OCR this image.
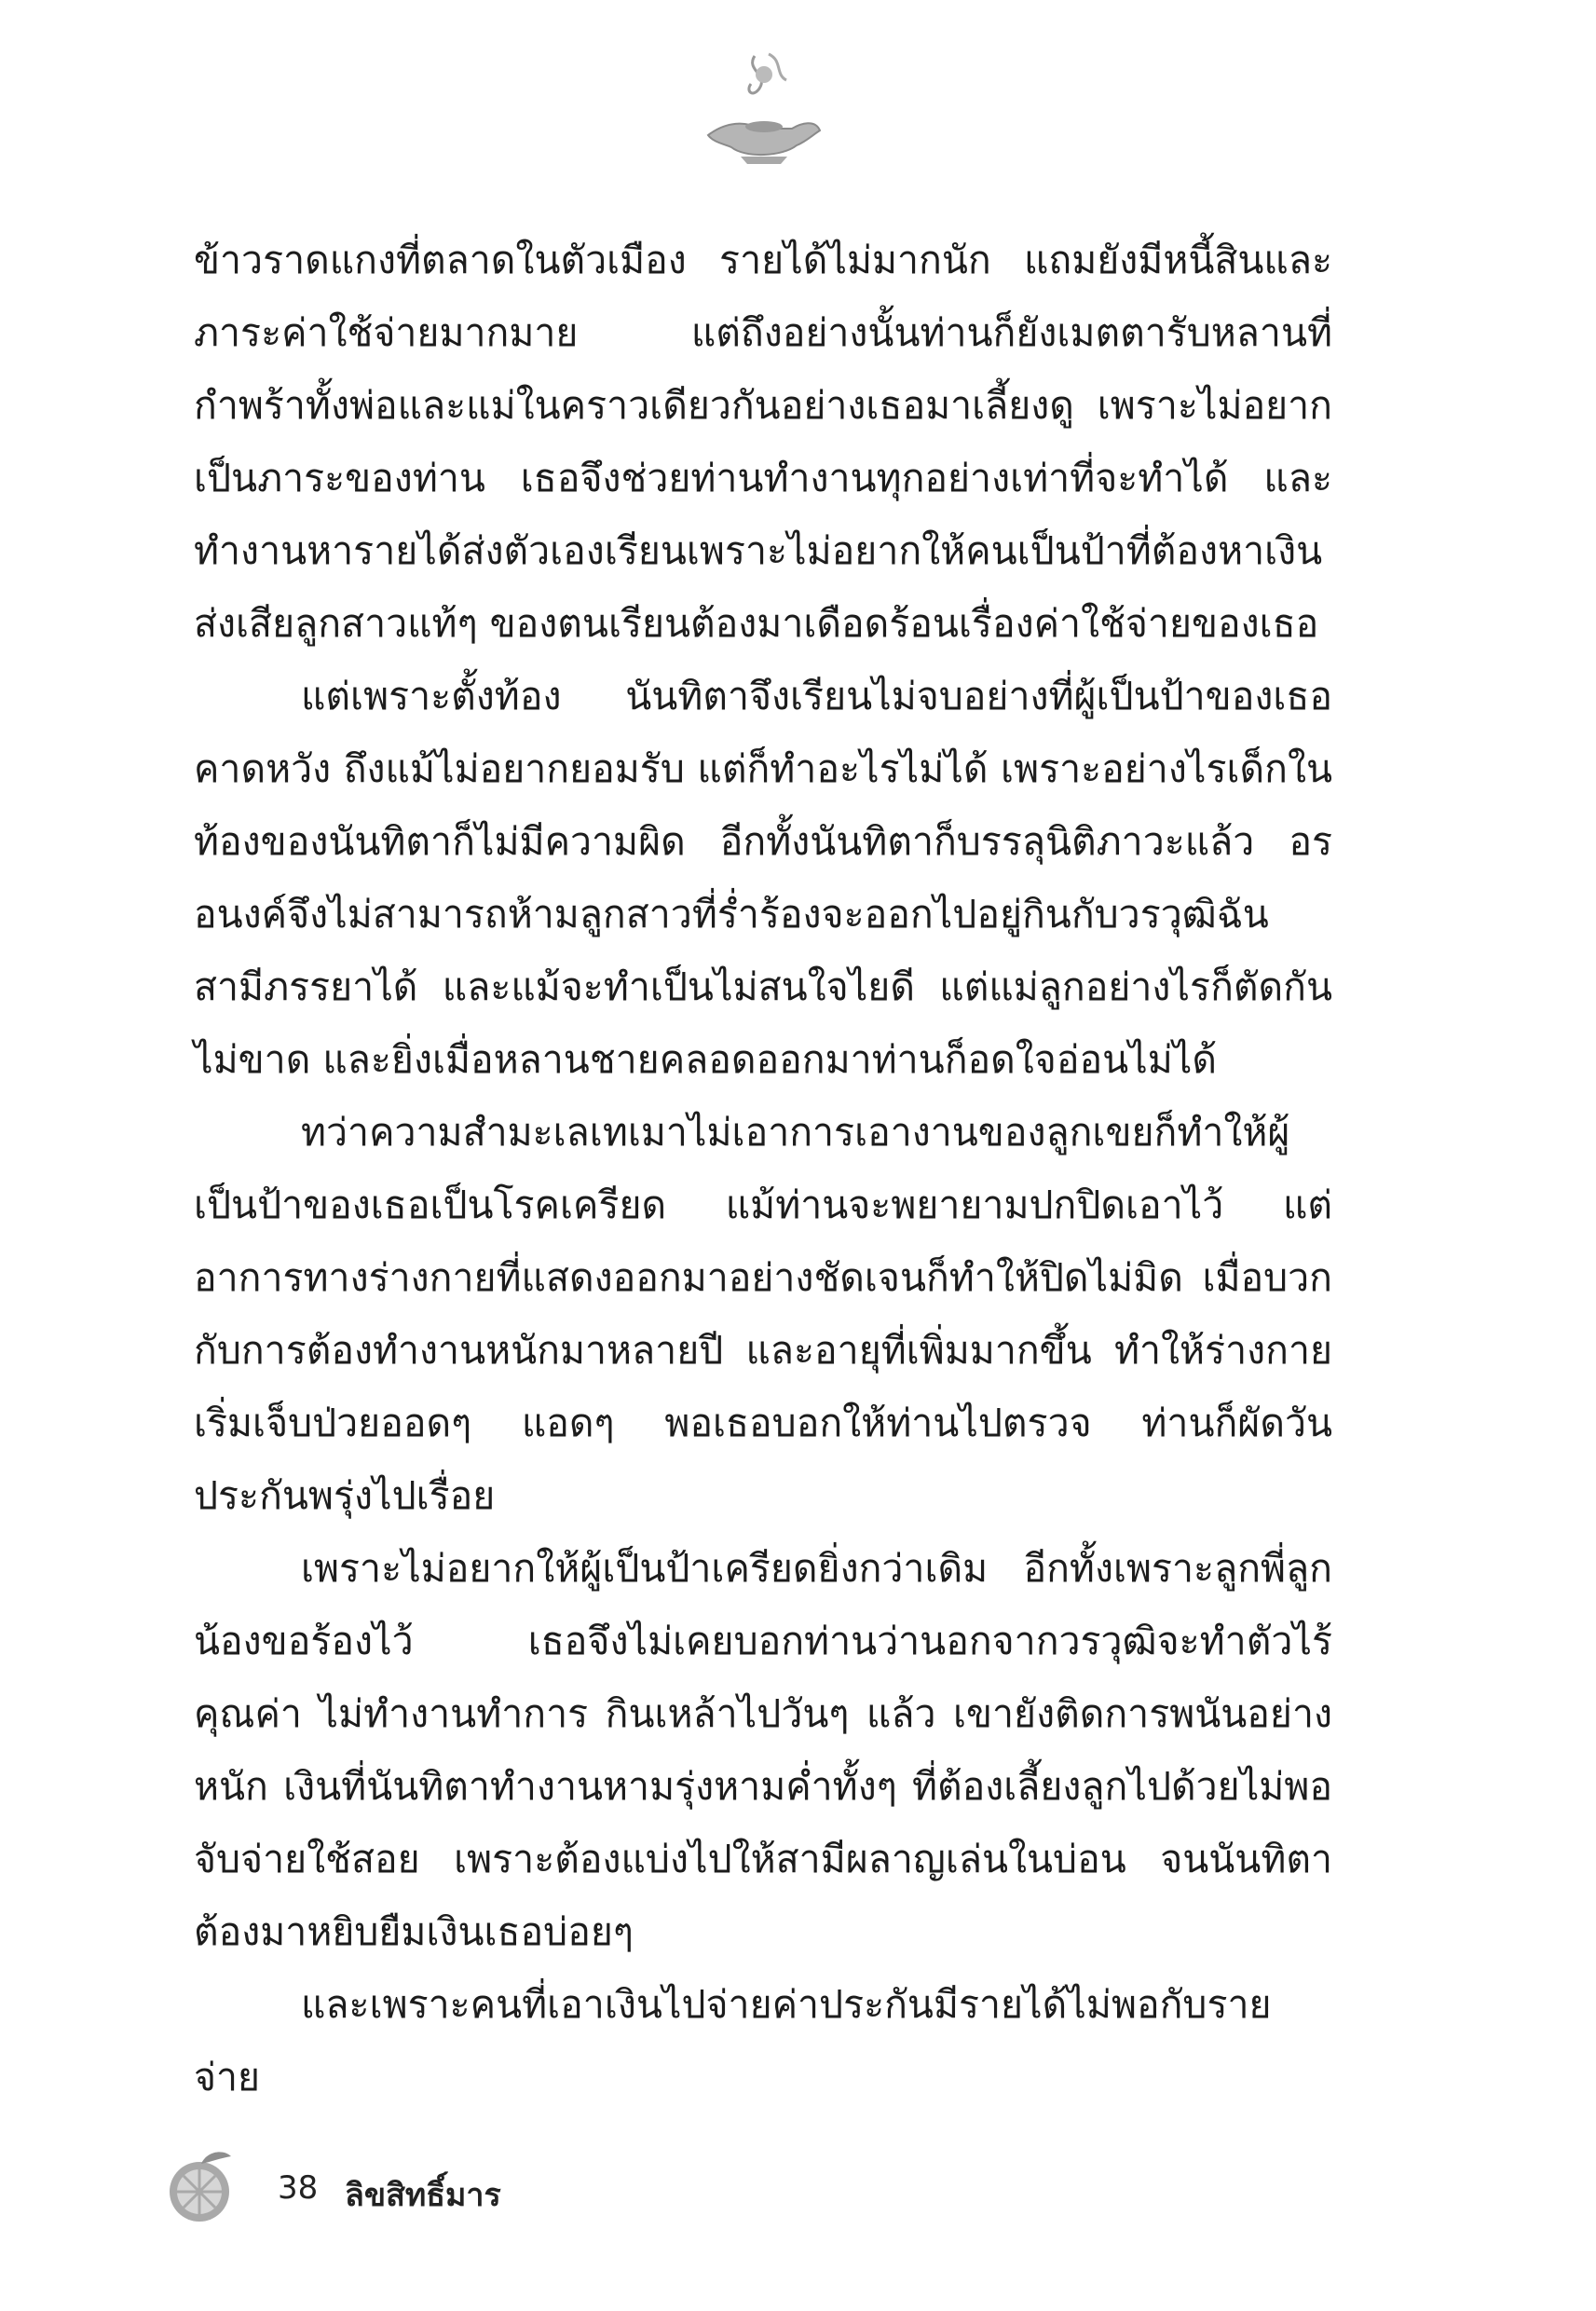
ข้าวราดแกงที่ตลาดในตัวเมือง รายได้ไม่มากนัก แถมยังมีหนี้สินและภาระค่าใช้จ่ายมากมาย แต่ถึงอย่างนั้นท่านก็ยังเมตตารับหลานที่กำพร้าทั้งพ่อและแม่ในคราวเดียวกันอย่างเธอมาเลี้ยงดู เพราะไม่อยากเป็นภาระของท่าน เธอจึงช่วยท่านทำงานทุกอย่างเท่าที่จะทำได้ และทำงานหารายได้ส่งตัวเองเรียนเพราะไม่อยากให้คนเป็นป้าที่ต้องหาเงินส่งเสียลูกสาวแท้ๆ ของตนเรียนต้องมาเดือดร้อนเรื่องค่าใช้จ่ายของเธอ

แต่เพราะตั้งท้อง นันทิตาจึงเรียนไม่จบอย่างที่ผู้เป็นป้าของเธอคาดหวัง ถึงแม้ไม่อยากยอมรับ แต่ก็ทำอะไรไม่ได้ เพราะอย่างไรเด็กในท้องของนันทิตาก็ไม่มีความผิด อีกทั้งนันทิตาก็บรรลุนิติภาวะแล้ว อรอนงค์จึงไม่สามารถห้ามลูกสาวที่ร่ำร้องจะออกไปอยู่กินกับวรวุฒิฉันสามีภรรยาได้ และแม้จะทำเป็นไม่สนใจไยดี แต่แม่ลูกอย่างไรก็ตัดกันไม่ขาด และยิ่งเมื่อหลานชายคลอดออกมาท่านก็อดใจอ่อนไม่ได้

ทว่าความสำมะเลเทเมาไม่เอาการเอางานของลูกเขยก็ทำให้ผู้เป็นป้าของเธอเป็นโรคเครียด แม้ท่านจะพยายามปกปิดเอาไว้ แต่อาการทางร่างกายที่แสดงออกมาอย่างชัดเจนก็ทำให้ปิดไม่มิด เมื่อบวกกับการต้องทำงานหนักมาหลายปี และอายุที่เพิ่มมากขึ้น ทำให้ร่างกายเริ่มเจ็บป่วยออดๆ แอดๆ พอเธอบอกให้ท่านไปตรวจ ท่านก็ผัดวันประกันพรุ่งไปเรื่อย

เพราะไม่อยากให้ผู้เป็นป้าเครียดยิ่งกว่าเดิม อีกทั้งเพราะลูกพี่ลูกน้องขอร้องไว้ เธอจึงไม่เคยบอกท่านว่านอกจากวรวุฒิจะทำตัวไร้คุณค่า ไม่ทำงานทำการ กินเหล้าไปวันๆ แล้ว เขายังติดการพนันอย่างหนัก เงินที่นันทิตาทำงานหามรุ่งหามค่ำทั้งๆ ที่ต้องเลี้ยงลูกไปด้วยไม่พอจับจ่ายใช้สอย เพราะต้องแบ่งไปให้สามีผลาญเล่นในบ่อน จนนันทิตาต้องมาหยิบยืมเงินเธอบ่อยๆ

และเพราะคนที่เอาเงินไปจ่ายค่าประกันมีรายได้ไม่พอกับรายจ่าย

38 ลิขสิทธิ์มาร
